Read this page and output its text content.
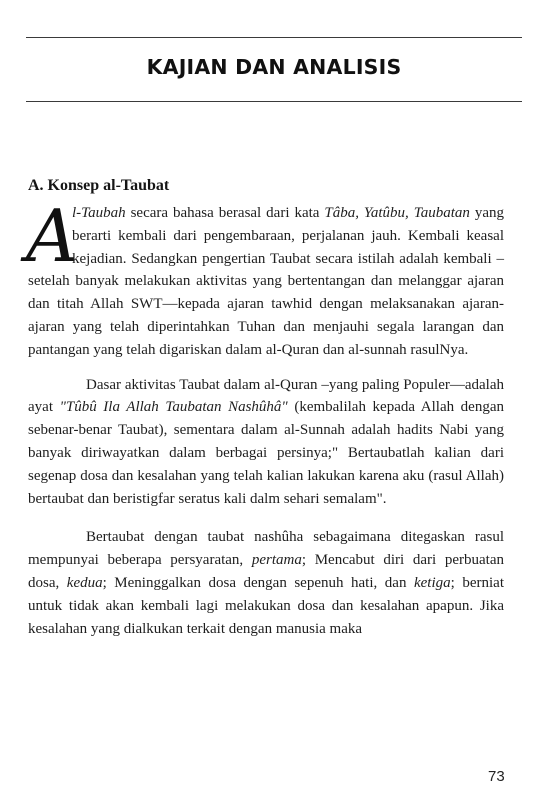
KAJIAN DAN ANALISIS
A. Konsep al-Taubat

A
l-Taubah secara bahasa berasal dari kata Tâba, Yatûbu, Taubatan yang berarti kembali dari pengembaraan, perjalanan jauh. Kembali keasal kejadian. Sedangkan pengertian Taubat secara istilah adalah kembali –setelah banyak melakukan aktivitas yang bertentangan dan melanggar ajaran dan titah Allah SWT—kepada ajaran tawhid dengan melaksanakan ajaran-ajaran yang telah diperintahkan Tuhan dan menjauhi segala larangan dan pantangan yang telah digariskan dalam al-Quran dan al-sunnah rasulNya.

Dasar aktivitas Taubat dalam al-Quran –yang paling Populer—adalah ayat "Tûbû Ila Allah Taubatan Nashûhâ" (kembalilah kepada Allah dengan sebenar-benar Taubat), sementara dalam al-Sunnah adalah hadits Nabi yang banyak diriwayatkan dalam berbagai persinya;" Bertaubatlah kalian dari segenap dosa dan kesalahan yang telah kalian lakukan karena aku (rasul Allah) bertaubat dan beristigfar seratus kali dalm sehari semalam".

Bertaubat dengan taubat nashûha sebagaimana ditegaskan rasul mempunyai beberapa persyaratan, pertama; Mencabut diri dari perbuatan dosa, kedua; Meninggalkan dosa dengan sepenuh hati, dan ketiga; berniat untuk tidak akan kembali lagi melakukan dosa dan kesalahan apapun. Jika kesalahan yang dialkukan terkait dengan manusia maka

73
